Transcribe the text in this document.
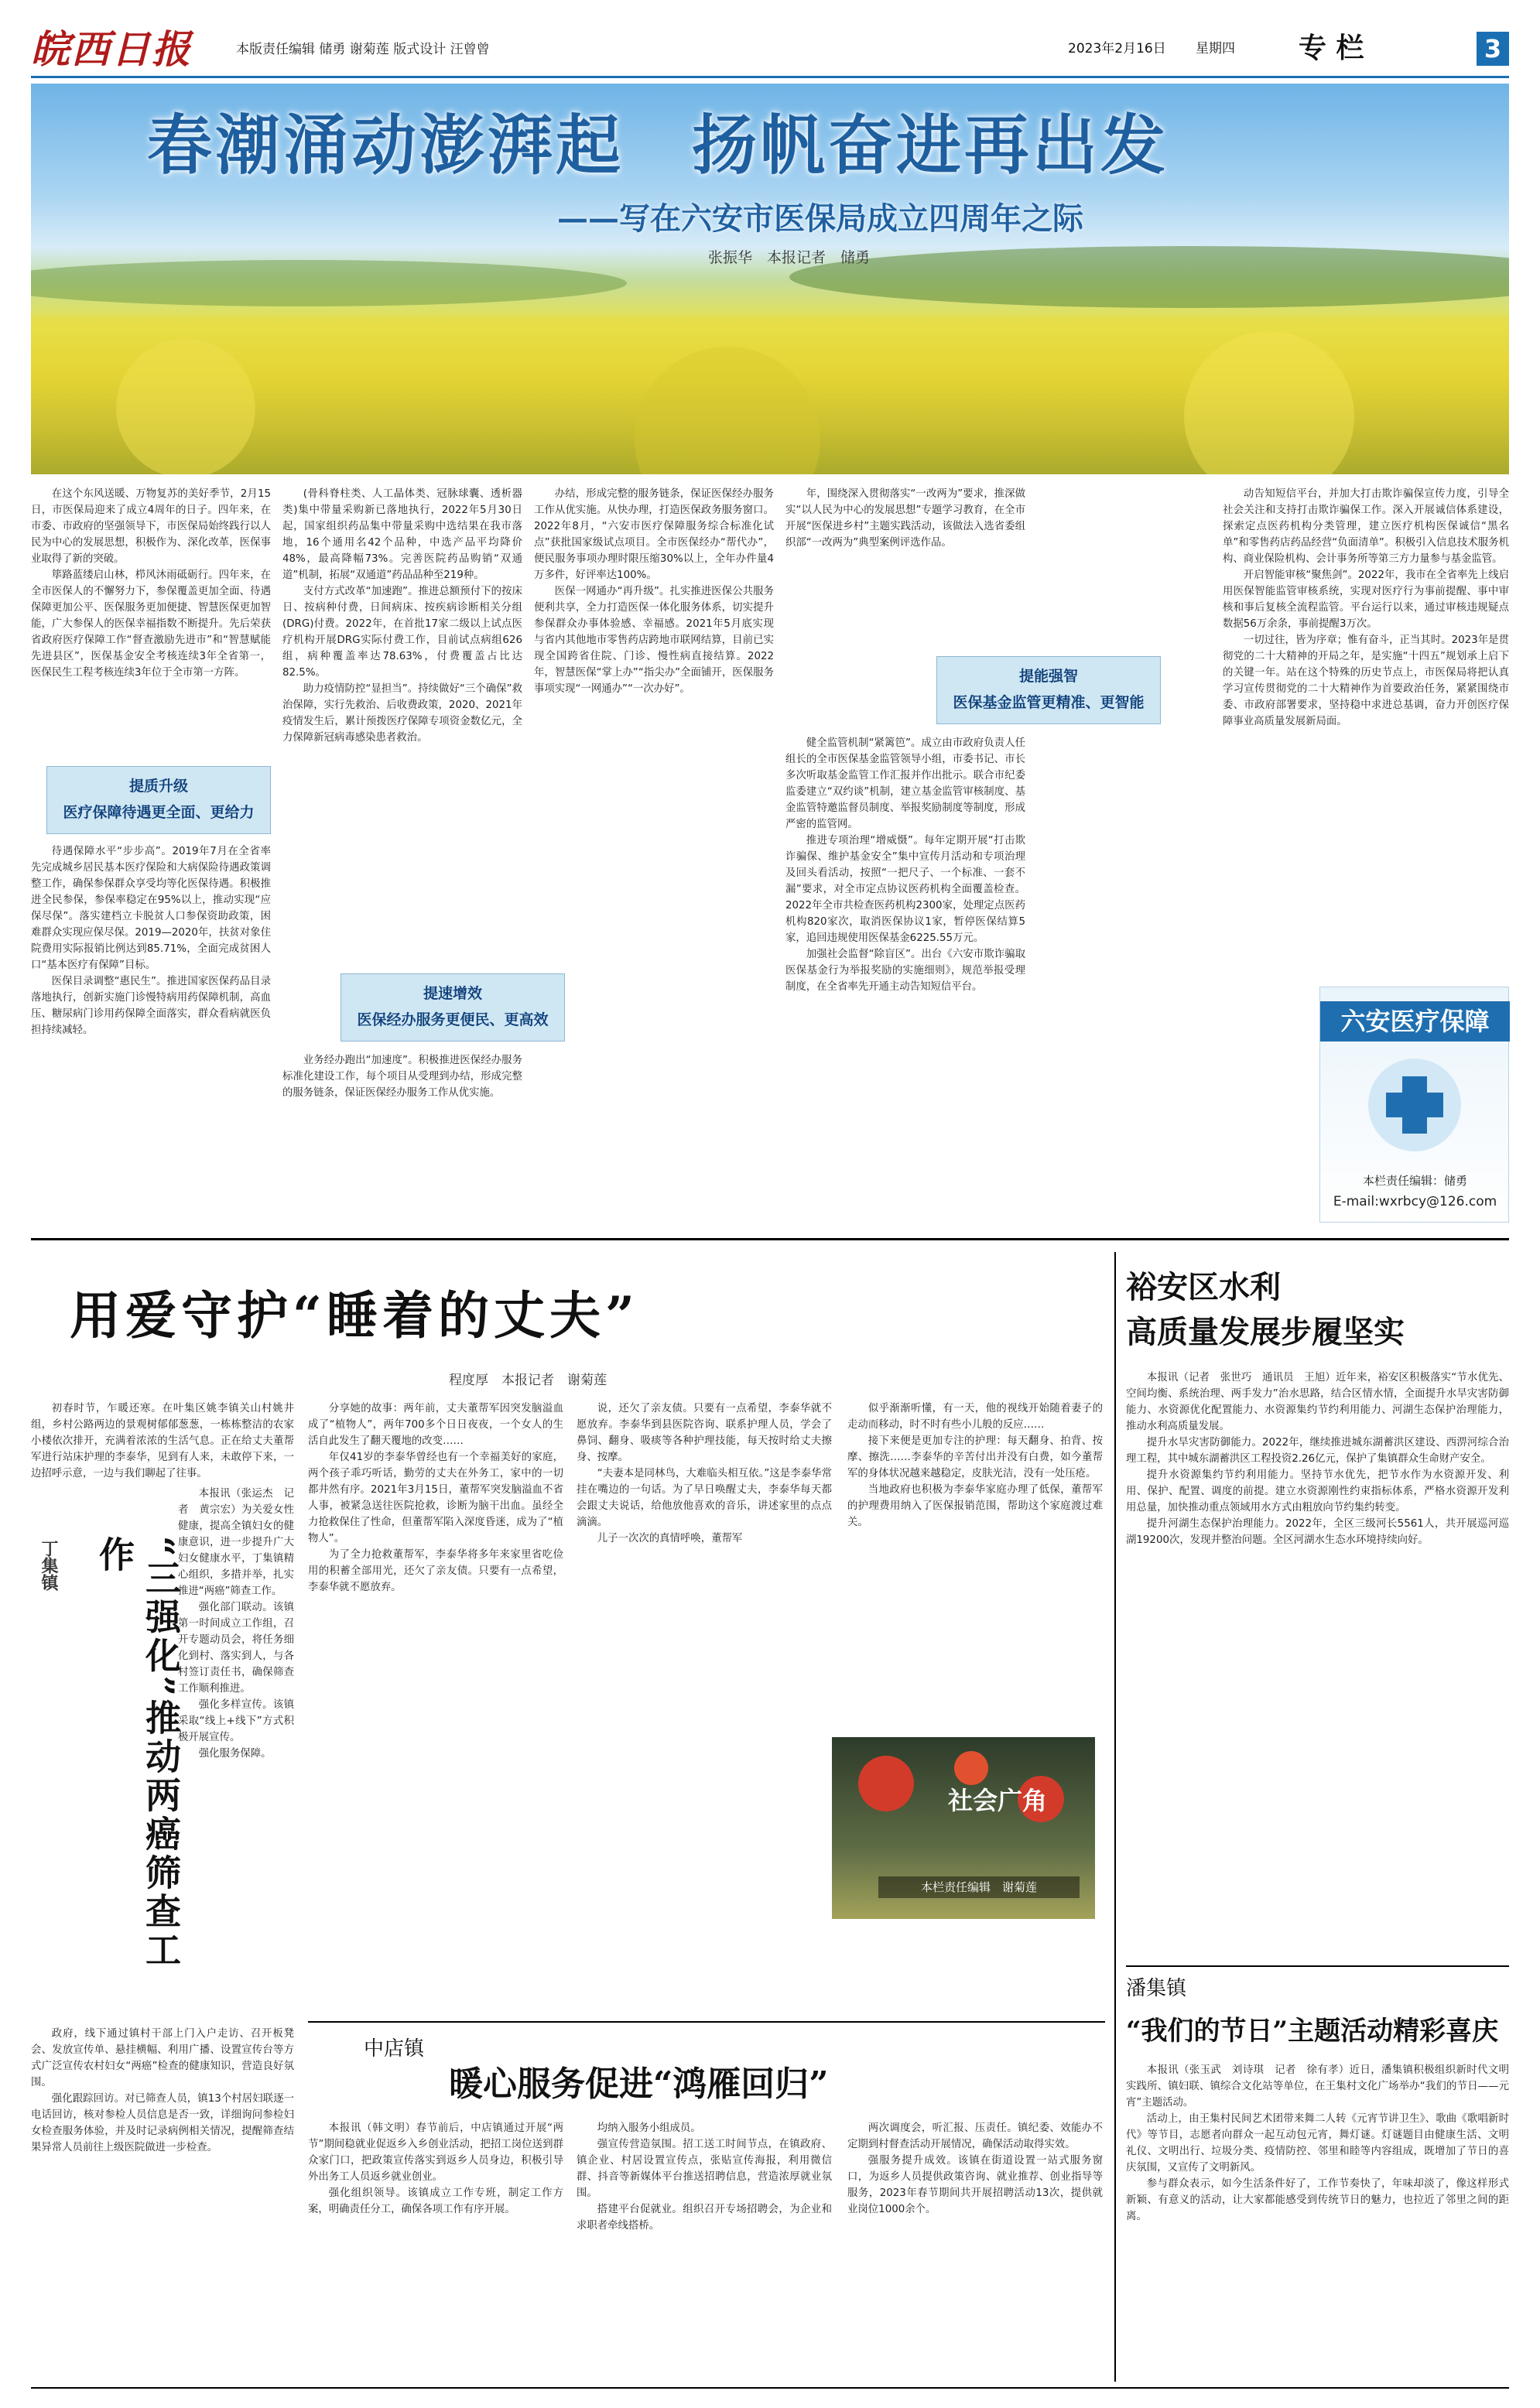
皖西日报	本版责任编辑 储勇 谢菊莲 版式设计 汪曾曾	2023年2月16日 星期四 专 栏	3
春潮涌动澎湃起　扬帆奋进再出发
——写在六安市医保局成立四周年之际
张振华　本报记者　储勇

在这个东风送暖、万物复苏的美好季节，2月15日，市医保局迎来了成立4周年的日子。四年来，在市委、市政府的坚强领导下，市医保局始终践行以人民为中心的发展思想，积极作为、深化改革，医保事业取得了新的突破。

筚路蓝缕启山林，栉风沐雨砥砺行。四年来，在全市医保人的不懈努力下，参保覆盖更加全面、待遇保障更加公平、医保服务更加便捷、智慧医保更加智能，广大参保人的医保幸福指数不断提升。先后荣获省政府医疗保障工作“督查激励先进市”和“智慧赋能先进县区”，医保基金安全考核连续3年全省第一，医保民生工程考核连续3年位于全市第一方阵。

提质升级
医疗保障待遇更全面、更给力

待遇保障水平“步步高”。2019年7月在全省率先完成城乡居民基本医疗保险和大病保险待遇政策调整工作，确保参保群众享受均等化医保待遇。积极推进全民参保，参保率稳定在95%以上，推动实现“应保尽保”。落实建档立卡脱贫人口参保资助政策，困难群众实现应保尽保。2019—2020年，扶贫对象住院费用实际报销比例达到85.71%，全面完成贫困人口“基本医疗有保障”目标。

医保目录调整“惠民生”。推进国家医保药品目录落地执行，创新实施门诊慢特病用药保障机制，高血压、糖尿病门诊用药保障全面落实，群众看病就医负担持续减轻。

(骨科脊柱类、人工晶体类、冠脉球囊、透析器类)集中带量采购新已落地执行，2022年5月30日起，国家组织药品集中带量采购中选结果在我市落地，16个通用名42个品种，中选产品平均降价48%，最高降幅73%。完善医院药品购销“双通道”机制，拓展“双通道”药品品种至219种。

支付方式改革“加速跑”。推进总额预付下的按床日、按病种付费，日间病床、按疾病诊断相关分组(DRG)付费。2022年，在首批17家二级以上试点医疗机构开展DRG实际付费工作，目前试点病组626组，病种覆盖率达78.63%，付费覆盖占比达82.5%。

助力疫情防控“显担当”。持续做好“三个确保”救治保障，实行先救治、后收费政策，2020、2021年疫情发生后，累计预拨医疗保障专项资金数亿元，全力保障新冠病毒感染患者救治。

提速增效
医保经办服务更便民、更高效

业务经办跑出“加速度”。积极推进医保经办服务标准化建设工作，每个项目从受理到办结，形成完整的服务链条，保证医保经办服务工作从优实施。

办结，形成完整的服务链条，保证医保经办服务工作从优实施。从快办理，打造医保政务服务窗口。2022年8月，“六安市医疗保障服务综合标准化试点”获批国家级试点项目。全市医保经办“帮代办”，便民服务事项办理时限压缩30%以上，全年办件量4万多件，好评率达100%。

医保一网通办“再升级”。扎实推进医保公共服务便利共享，全力打造医保一体化服务体系，切实提升参保群众办事体验感、幸福感。2021年5月底实现与省内其他地市零售药店跨地市联网结算，目前已实现全国跨省住院、门诊、慢性病直接结算。2022年，智慧医保“掌上办”“指尖办”全面铺开，医保服务事项实现“一网通办”“一次办好”。

年，围绕深入贯彻落实“一改两为”要求，推深做实“以人民为中心的发展思想”专题学习教育，在全市开展“医保进乡村”主题实践活动，该做法入选省委组织部“一改两为”典型案例评选作品。

提能强智
医保基金监管更精准、更智能

健全监管机制“紧篱笆”。成立由市政府负责人任组长的全市医保基金监管领导小组，市委书记、市长多次听取基金监管工作汇报并作出批示。联合市纪委监委建立“双约谈”机制，建立基金监管审核制度、基金监管特邀监督员制度、举报奖励制度等制度，形成严密的监管网。

推进专项治理“增威慑”。每年定期开展“打击欺诈骗保、维护基金安全”集中宣传月活动和专项治理及回头看活动，按照“一把尺子、一个标准、一套不漏”要求，对全市定点协议医药机构全面覆盖检查。2022年全市共检查医药机构2300家，处理定点医药机构820家次，取消医保协议1家，暂停医保结算5家，追回违规使用医保基金6225.55万元。

加强社会监督“除盲区”。出台《六安市欺诈骗取医保基金行为举报奖励的实施细则》，规范举报受理制度，在全省率先开通主动告知短信平台。

动告知短信平台，并加大打击欺诈骗保宣传力度，引导全社会关注和支持打击欺诈骗保工作。深入开展诚信体系建设，探索定点医药机构分类管理，建立医疗机构医保诚信“黑名单”和零售药店药品经营“负面清单”。积极引入信息技术服务机构、商业保险机构、会计事务所等第三方力量参与基金监管。

开启智能审核“聚焦剑”。2022年，我市在全省率先上线启用医保智能监管审核系统，实现对医疗行为事前提醒、事中审核和事后复核全流程监管。平台运行以来，通过审核违规疑点数据56万余条，事前提醒3万次。

一切过往，皆为序章；惟有奋斗，正当其时。2023年是贯彻党的二十大精神的开局之年，是实施“十四五”规划承上启下的关键一年。站在这个特殊的历史节点上，市医保局将把认真学习宣传贯彻党的二十大精神作为首要政治任务，紧紧围绕市委、市政府部署要求，坚持稳中求进总基调，奋力开创医疗保障事业高质量发展新局面。

六安医疗保障
本栏责任编辑：储勇
E-mail:wxrbcy@126.com
用爱守护“睡着的丈夫”
程度厚　本报记者　谢菊莲

初春时节，乍暖还寒。在叶集区姚李镇关山村姚井组，乡村公路两边的景观树郁郁葱葱，一栋栋整洁的农家小楼依次排开，充满着浓浓的生活气息。正在给丈夫董帮军进行站床护理的李泰华，见到有人来，未敢停下来，一边招呼示意，一边与我们聊起了往事。

分享她的故事：两年前，丈夫董帮军因突发脑溢血成了“植物人”，两年700多个日日夜夜，一个女人的生活自此发生了翻天覆地的改变……

年仅41岁的李泰华曾经也有一个幸福美好的家庭，两个孩子乖巧听话，勤劳的丈夫在外务工，家中的一切都井然有序。2021年3月15日，董帮军突发脑溢血不省人事，被紧急送往医院抢救，诊断为脑干出血。虽经全力抢救保住了性命，但董帮军陷入深度昏迷，成为了“植物人”。

为了全力抢救董帮军，李泰华将多年来家里省吃俭用的积蓄全部用光，还欠了亲友债。只要有一点希望，李泰华就不愿放弃。

说，还欠了亲友债。只要有一点希望，李泰华就不愿放弃。李泰华到县医院咨询、联系护理人员，学会了鼻饲、翻身、吸痰等各种护理技能，每天按时给丈夫擦身、按摩。

“夫妻本是同林鸟，大难临头相互依。”这是李泰华常挂在嘴边的一句话。为了早日唤醒丈夫，李泰华每天都会跟丈夫说话，给他放他喜欢的音乐，讲述家里的点点滴滴。

儿子一次次的真情呼唤，董帮军

似乎渐渐听懂，有一天，他的视线开始随着妻子的走动而移动，时不时有些小儿般的反应……

接下来便是更加专注的护理：每天翻身、拍背、按摩、擦洗……李泰华的辛苦付出并没有白费，如今董帮军的身体状况越来越稳定，皮肤光洁，没有一处压疮。

当地政府也积极为李泰华家庭办理了低保，董帮军的护理费用纳入了医保报销范围，帮助这个家庭渡过难关。

社会广角
本栏责任编辑　谢菊莲
丁集镇	“三强化”推动两癌筛查工作

本报讯（张运杰　记者　黄宗宏）为关爱女性健康，提高全镇妇女的健康意识，进一步提升广大妇女健康水平，丁集镇精心组织，多措并举，扎实推进“两癌”筛查工作。

强化部门联动。该镇第一时间成立工作组，召开专题动员会，将任务细化到村、落实到人，与各村签订责任书，确保筛查工作顺利推进。

强化多样宣传。该镇采取“线上+线下”方式积极开展宣传。

强化服务保障。

政府，线下通过镇村干部上门入户走访、召开板凳会、发放宣传单、悬挂横幅、利用广播、设置宣传台等方式广泛宣传农村妇女“两癌”检查的健康知识，营造良好氛围。

强化跟踪回访。对已筛查人员，镇13个村居妇联逐一电话回访，核对参检人员信息是否一致，详细询问参检妇女检查服务体验，并及时记录病例相关情况，提醒筛查结果异常人员前往上级医院做进一步检查。

中店镇
暖心服务促进“鸿雁回归”

本报讯（韩文明）春节前后，中店镇通过开展“两节”期间稳就业促返乡入乡创业活动，把招工岗位送到群众家门口，把政策宣传落实到返乡人员身边，积极引导外出务工人员返乡就业创业。

强化组织领导。该镇成立工作专班，制定工作方案，明确责任分工，确保各项工作有序开展。

均纳入服务小组成员。

强宣传营造氛围。招工送工时间节点，在镇政府、镇企业、村居设置宣传点，张贴宣传海报，利用微信群、抖音等新媒体平台推送招聘信息，营造浓厚就业氛围。

搭建平台促就业。组织召开专场招聘会，为企业和求职者牵线搭桥。

两次调度会，听汇报、压责任。镇纪委、效能办不定期到村督查活动开展情况，确保活动取得实效。

强服务提升成效。该镇在街道设置一站式服务窗口，为返乡人员提供政策咨询、就业推荐、创业指导等服务，2023年春节期间共开展招聘活动13次，提供就业岗位1000余个。

裕安区水利
高质量发展步履坚实

本报讯（记者　张世巧　通讯员　王旭）近年来，裕安区积极落实“节水优先、空间均衡、系统治理、两手发力”治水思路，结合区情水情，全面提升水旱灾害防御能力、水资源优化配置能力、水资源集约节约利用能力、河湖生态保护治理能力，推动水利高质量发展。

提升水旱灾害防御能力。2022年，继续推进城东湖蓄洪区建设、西淠河综合治理工程，其中城东湖蓄洪区工程投资2.26亿元，保护了集镇群众生命财产安全。

提升水资源集约节约利用能力。坚持节水优先，把节水作为水资源开发、利用、保护、配置、调度的前提。建立水资源刚性约束指标体系，严格水资源开发利用总量，加快推动重点领域用水方式由粗放向节约集约转变。

提升河湖生态保护治理能力。2022年，全区三级河长5561人，共开展巡河巡湖19200次，发现并整治问题。全区河湖水生态水环境持续向好。

潘集镇
“我们的节日”主题活动精彩喜庆

本报讯（张玉武　刘诗琪　记者　徐有孝）近日，潘集镇积极组织新时代文明实践所、镇妇联、镇综合文化站等单位，在王集村文化广场举办“我们的节日——元宵”主题活动。

活动上，由王集村民间艺术团带来舞二人转《元宵节讲卫生》、歌曲《歌唱新时代》等节目，志愿者向群众一起互动包元宵，舞灯谜。灯谜题目由健康生活、文明礼仪、文明出行、垃圾分类、疫情防控、邻里和睦等内容组成，既增加了节日的喜庆氛围，又宣传了文明新风。

参与群众表示，如今生活条件好了，工作节奏快了，年味却淡了，像这样形式新颖、有意义的活动，让大家都能感受到传统节日的魅力，也拉近了邻里之间的距离。
